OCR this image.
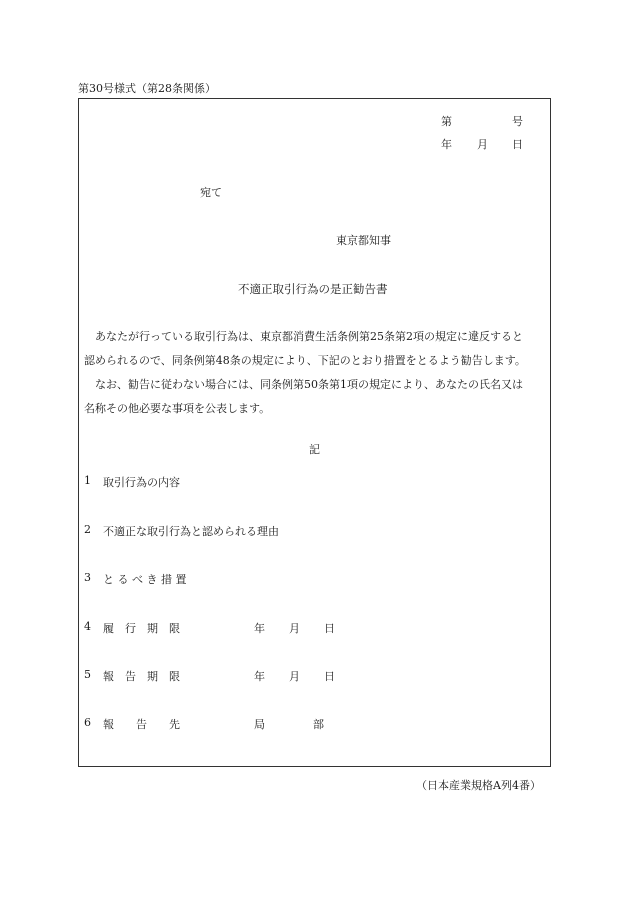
第30号様式（第28条関係）
第	号
年 月 日
宛て
東京都知事
不適正取引行為の是正勧告書
　あなたが行っている取引行為は、東京都消費生活条例第25条第2項の規定に違反すると
認められるので、同条例第48条の規定により、下記のとおり措置をとるよう勧告します。
　なお、勧告に従わない場合には、同条例第50条第1項の規定により、あなたの氏名又は
名称その他必要な事項を公表します。
記
1 取引行為の内容
2 不適正な取引行為と認められる理由
3 と る べ き 措 置
4 履　行　期　限	年 月 日
5 報　告　期　限	年 月 日
6 報　　告　　先	局	部
（日本産業規格A列4番）
